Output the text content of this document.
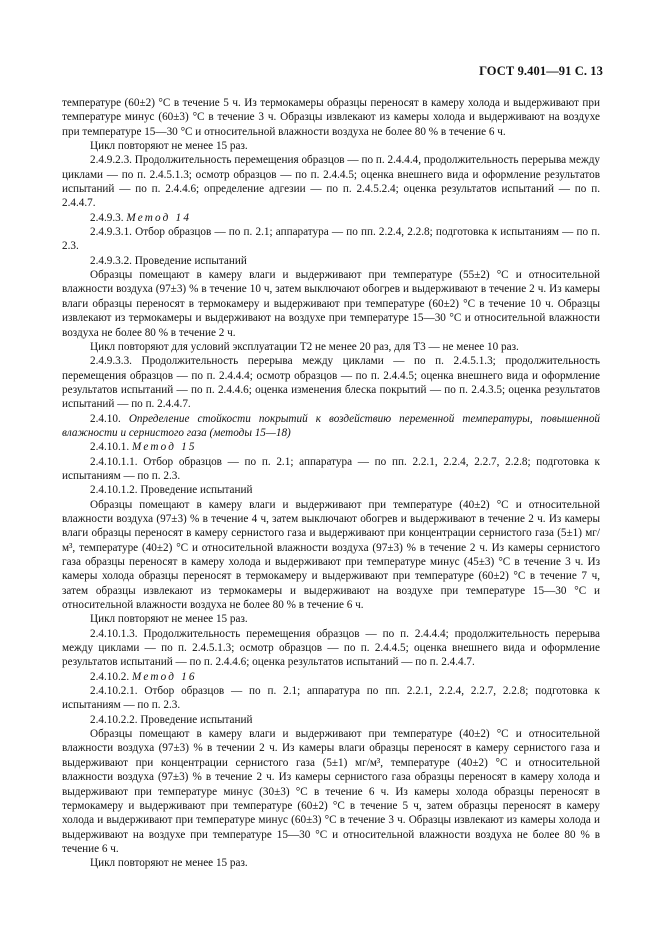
ГОСТ 9.401—91 С. 13

температуре (60±2) °С в течение 5 ч. Из термокамеры образцы переносят в камеру холода и выдерживают при температуре минус (60±3) °С в течение 3 ч. Образцы извлекают из камеры холода и выдерживают на воздухе при температуре 15—30 °С и относительной влажности воздуха не более 80 % в течение 6 ч.

Цикл повторяют не менее 15 раз.

2.4.9.2.3. Продолжительность перемещения образцов — по п. 2.4.4.4, продолжительность перерыва между циклами — по п. 2.4.5.1.3; осмотр образцов — по п. 2.4.4.5; оценка внешнего вида и оформление результатов испытаний — по п. 2.4.4.6; определение адгезии — по п. 2.4.5.2.4; оценка результатов испытаний — по п. 2.4.4.7.

2.4.9.3. Метод 14

2.4.9.3.1. Отбор образцов — по п. 2.1; аппаратура — по пп. 2.2.4, 2.2.8; подготовка к испытаниям — по п. 2.3.

2.4.9.3.2. Проведение испытаний

Образцы помещают в камеру влаги и выдерживают при температуре (55±2) °С и относительной влажности воздуха (97±3) % в течение 10 ч, затем выключают обогрев и выдерживают в течение 2 ч. Из камеры влаги образцы переносят в термокамеру и выдерживают при температуре (60±2) °С в течение 10 ч. Образцы извлекают из термокамеры и выдерживают на воздухе при температуре 15—30 °С и относительной влажности воздуха не более 80 % в течение 2 ч.

Цикл повторяют для условий эксплуатации Т2 не менее 20 раз, для Т3 — не менее 10 раз.

2.4.9.3.3. Продолжительность перерыва между циклами — по п. 2.4.5.1.3; продолжительность перемещения образцов — по п. 2.4.4.4; осмотр образцов — по п. 2.4.4.5; оценка внешнего вида и оформление результатов испытаний — по п. 2.4.4.6; оценка изменения блеска покрытий — по п. 2.4.3.5; оценка результатов испытаний — по п. 2.4.4.7.

2.4.10. Определение стойкости покрытий к воздействию переменной температуры, повышенной влажности и сернистого газа (методы 15—18)

2.4.10.1. Метод 15

2.4.10.1.1. Отбор образцов — по п. 2.1; аппаратура — по пп. 2.2.1, 2.2.4, 2.2.7, 2.2.8; подготовка к испытаниям — по п. 2.3.

2.4.10.1.2. Проведение испытаний

Образцы помещают в камеру влаги и выдерживают при температуре (40±2) °С и относительной влажности воздуха (97±3) % в течение 4 ч, затем выключают обогрев и выдерживают в течение 2 ч. Из камеры влаги образцы переносят в камеру сернистого газа и выдерживают при концентрации сернистого газа (5±1) мг/м³, температуре (40±2) °С и относительной влажности воздуха (97±3) % в течение 2 ч. Из камеры сернистого газа образцы переносят в камеру холода и выдерживают при температуре минус (45±3) °С в течение 3 ч. Из камеры холода образцы переносят в термокамеру и выдерживают при температуре (60±2) °С в течение 7 ч, затем образцы извлекают из термокамеры и выдерживают на воздухе при температуре 15—30 °С и относительной влажности воздуха не более 80 % в течение 6 ч.

Цикл повторяют не менее 15 раз.

2.4.10.1.3. Продолжительность перемещения образцов — по п. 2.4.4.4; продолжительность перерыва между циклами — по п. 2.4.5.1.3; осмотр образцов — по п. 2.4.4.5; оценка внешнего вида и оформление результатов испытаний — по п. 2.4.4.6; оценка результатов испытаний — по п. 2.4.4.7.

2.4.10.2. Метод 16

2.4.10.2.1. Отбор образцов — по п. 2.1; аппаратура по пп. 2.2.1, 2.2.4, 2.2.7, 2.2.8; подготовка к испытаниям — по п. 2.3.

2.4.10.2.2. Проведение испытаний

Образцы помещают в камеру влаги и выдерживают при температуре (40±2) °С и относительной влажности воздуха (97±3) % в течении 2 ч. Из камеры влаги образцы переносят в камеру сернистого газа и выдерживают при концентрации сернистого газа (5±1) мг/м³, температуре (40±2) °С и относительной влажности воздуха (97±3) % в течение 2 ч. Из камеры сернистого газа образцы переносят в камеру холода и выдерживают при температуре минус (30±3) °С в течение 6 ч. Из камеры холода образцы переносят в термокамеру и выдерживают при температуре (60±2) °С в течение 5 ч, затем образцы переносят в камеру холода и выдерживают при температуре минус (60±3) °С в течение 3 ч. Образцы извлекают из камеры холода и выдерживают на воздухе при температуре 15—30 °С и относительной влажности воздуха не более 80 % в течение 6 ч.

Цикл повторяют не менее 15 раз.
